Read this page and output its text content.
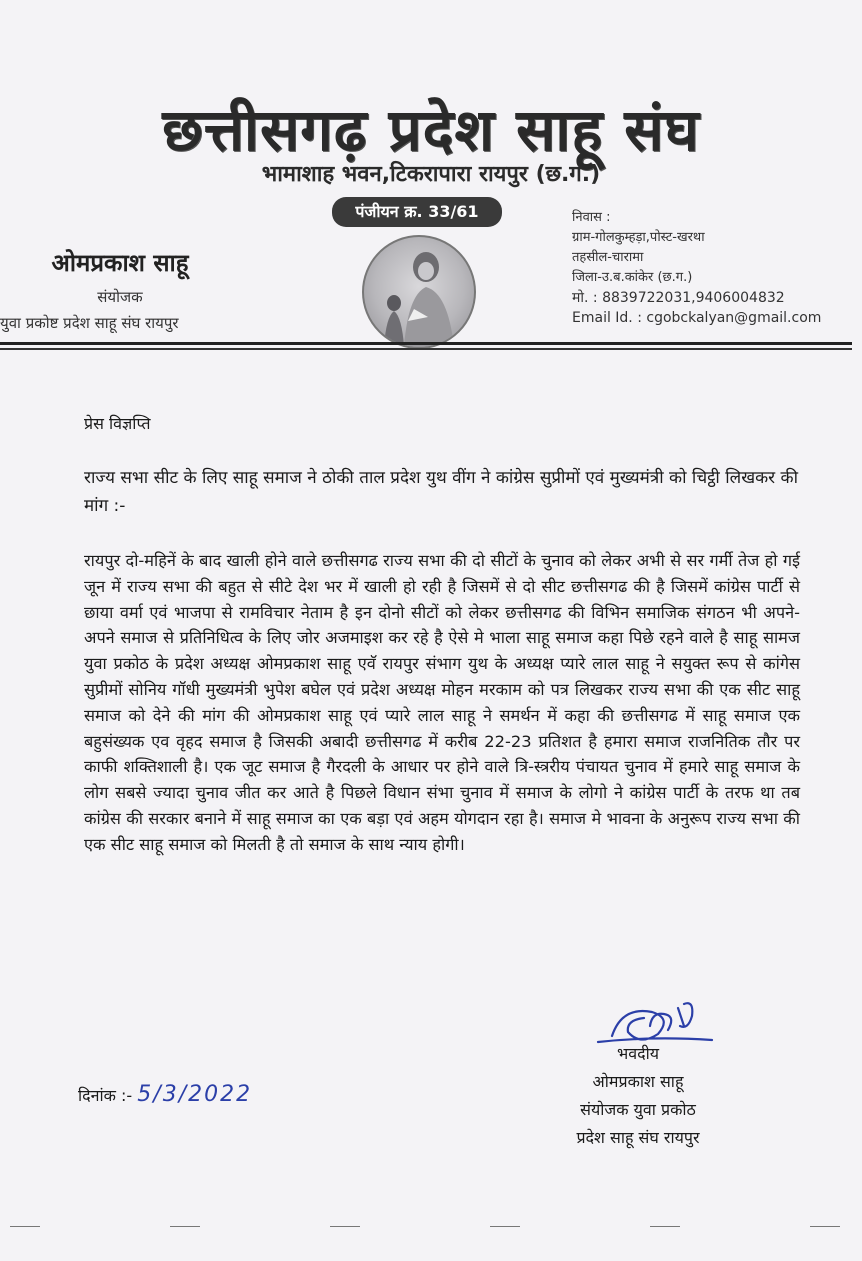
छत्तीसगढ़ प्रदेश साहू संघ
भामाशाह भवन,टिकरापारा रायपुर (छ.ग.)
पंजीयन क्र. 33/61
ओमप्रकाश साहू
संयोजक
युवा प्रकोष्ट प्रदेश साहू संघ रायपुर
निवास :
ग्राम-गोलकुम्हड़ा,पोस्ट-खरथा
तहसील-चारामा
जिला-उ.ब.कांकेर (छ.ग.)
मो. : 8839722031,9406004832
Email Id. : cgobckalyan@gmail.com
प्रेस विज्ञप्ति
राज्य सभा सीट के लिए साहू समाज ने ठोकी ताल प्रदेश युथ वींग ने कांग्रेस सुप्रीमों एवं मुख्यमंत्री को चिट्ठी लिखकर की मांग :-
रायपुर दो-महिनें के बाद खाली होने वाले छत्तीसगढ राज्य सभा की दो सीटों के चुनाव को लेकर अभी से सर गर्मी तेज हो गई जून में राज्य सभा की बहुत से सीटे देश भर में खाली हो रही है जिसमें से दो सीट छत्तीसगढ की है जिसमें कांग्रेस पार्टी से छाया वर्मा एवं भाजपा से रामविचार नेताम है इन दोनो सीटों को लेकर छत्तीसगढ की विभिन समाजिक संगठन भी अपने-अपने समाज से प्रतिनिधित्व के लिए जोर अजमाइश कर रहे है ऐसे मे भाला साहू समाज कहा पिछे रहने वाले है साहू सामज युवा प्रकोठ के प्रदेश अध्यक्ष ओमप्रकाश साहू एवॅ रायपुर संभाग युथ के अध्यक्ष प्यारे लाल साहू ने सयुक्त रूप से कांगेस सुप्रीमों सोनिय गॉधी मुख्यमंत्री भुपेश बघेल एवं प्रदेश अध्यक्ष मोहन मरकाम को पत्र लिखकर राज्य सभा की एक सीट साहू समाज को देने की मांग की ओमप्रकाश साहू एवं प्यारे लाल साहू ने समर्थन में कहा की छत्तीसगढ में साहू समाज एक बहुसंख्यक एव वृहद समाज है जिसकी अबादी छत्तीसगढ में करीब 22-23 प्रतिशत है हमारा समाज राजनितिक तौर पर काफी शक्तिशाली है। एक जूट समाज है गैरदली के आधार पर होने वाले त्रि-स्त्ररीय पंचायत चुनाव में हमारे साहू समाज के लोग सबसे ज्यादा चुनाव जीत कर आते है पिछले विधान संभा चुनाव में समाज के लोगो ने कांग्रेस पार्टी के तरफ था तब कांग्रेस की सरकार बनाने में साहू समाज का एक बड़ा एवं अहम योगदान रहा है। समाज मे भावना के अनुरूप राज्य सभा की एक सीट साहू समाज को मिलती है तो समाज के साथ न्याय होगी।
भवदीय
ओमप्रकाश साहू
संयोजक युवा प्रकोठ
प्रदेश साहू संघ रायपुर
दिनांक :- 5/3/2022
